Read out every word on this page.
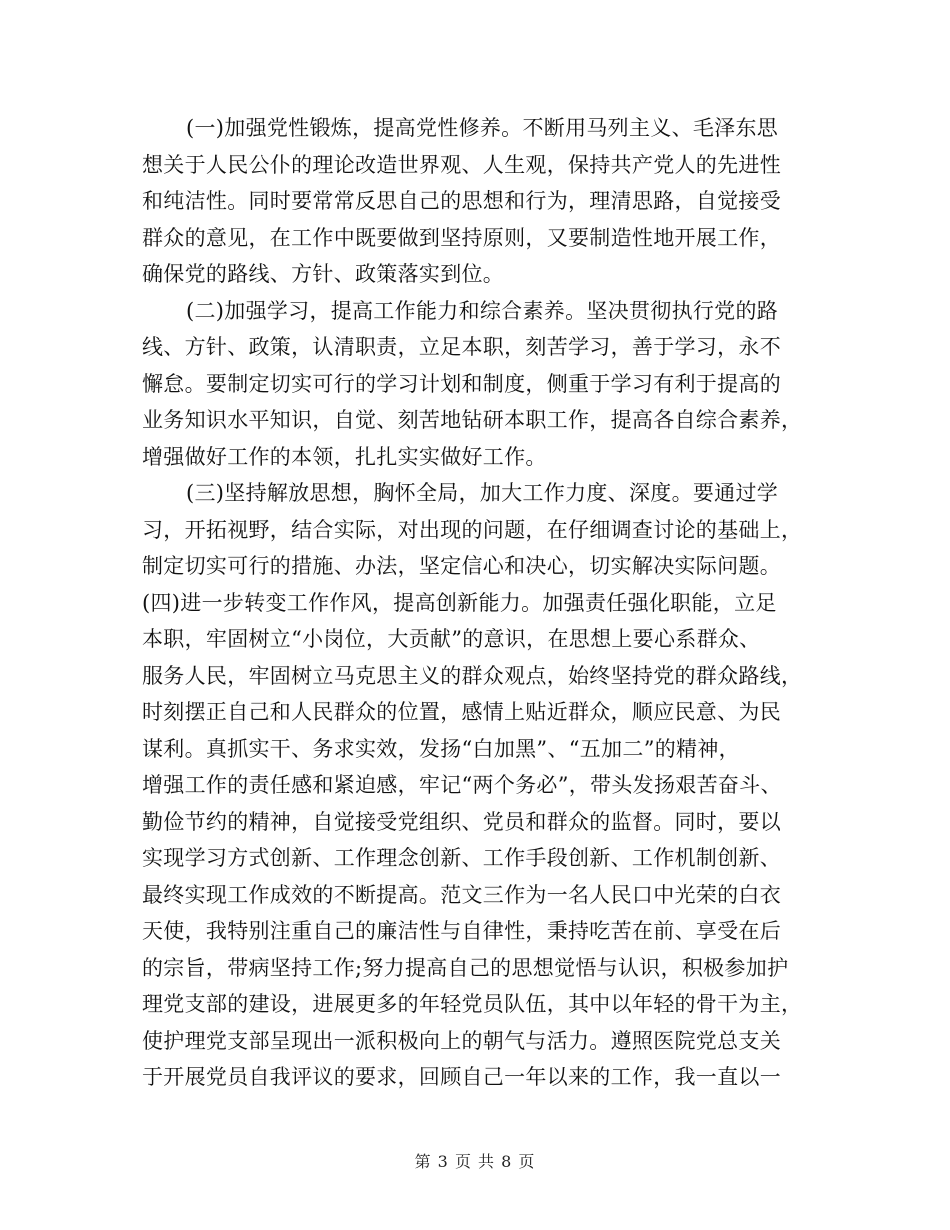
(一)加强党性锻炼，提高党性修养。不断用马列主义、毛泽东思
想关于人民公仆的理论改造世界观、人生观，保持共产党人的先进性
和纯洁性。同时要常常反思自己的思想和行为，理清思路，自觉接受
群众的意见，在工作中既要做到坚持原则，又要制造性地开展工作，
确保党的路线、方针、政策落实到位。
(二)加强学习，提高工作能力和综合素养。坚决贯彻执行党的路
线、方针、政策，认清职责，立足本职，刻苦学习，善于学习，永不
懈怠。要制定切实可行的学习计划和制度，侧重于学习有利于提高的
业务知识水平知识，自觉、刻苦地钻研本职工作，提高各自综合素养，
增强做好工作的本领，扎扎实实做好工作。
(三)坚持解放思想，胸怀全局，加大工作力度、深度。要通过学
习，开拓视野，结合实际，对出现的问题，在仔细调查讨论的基础上，
制定切实可行的措施、办法，坚定信心和决心，切实解决实际问题。
(四)进一步转变工作作风，提高创新能力。加强责任强化职能，立足
本职，牢固树立“小岗位，大贡献”的意识，在思想上要心系群众、
服务人民，牢固树立马克思主义的群众观点，始终坚持党的群众路线，
时刻摆正自己和人民群众的位置，感情上贴近群众，顺应民意、为民
谋利。真抓实干、务求实效，发扬“白加黑”、“五加二”的精神，
增强工作的责任感和紧迫感，牢记“两个务必”，带头发扬艰苦奋斗、
勤俭节约的精神，自觉接受党组织、党员和群众的监督。同时，要以
实现学习方式创新、工作理念创新、工作手段创新、工作机制创新、
最终实现工作成效的不断提高。范文三作为一名人民口中光荣的白衣
天使，我特别注重自己的廉洁性与自律性，秉持吃苦在前、享受在后
的宗旨，带病坚持工作;努力提高自己的思想觉悟与认识，积极参加护
理党支部的建设，进展更多的年轻党员队伍，其中以年轻的骨干为主，
使护理党支部呈现出一派积极向上的朝气与活力。遵照医院党总支关
于开展党员自我评议的要求，回顾自己一年以来的工作，我一直以一
第 3 页 共 8 页
